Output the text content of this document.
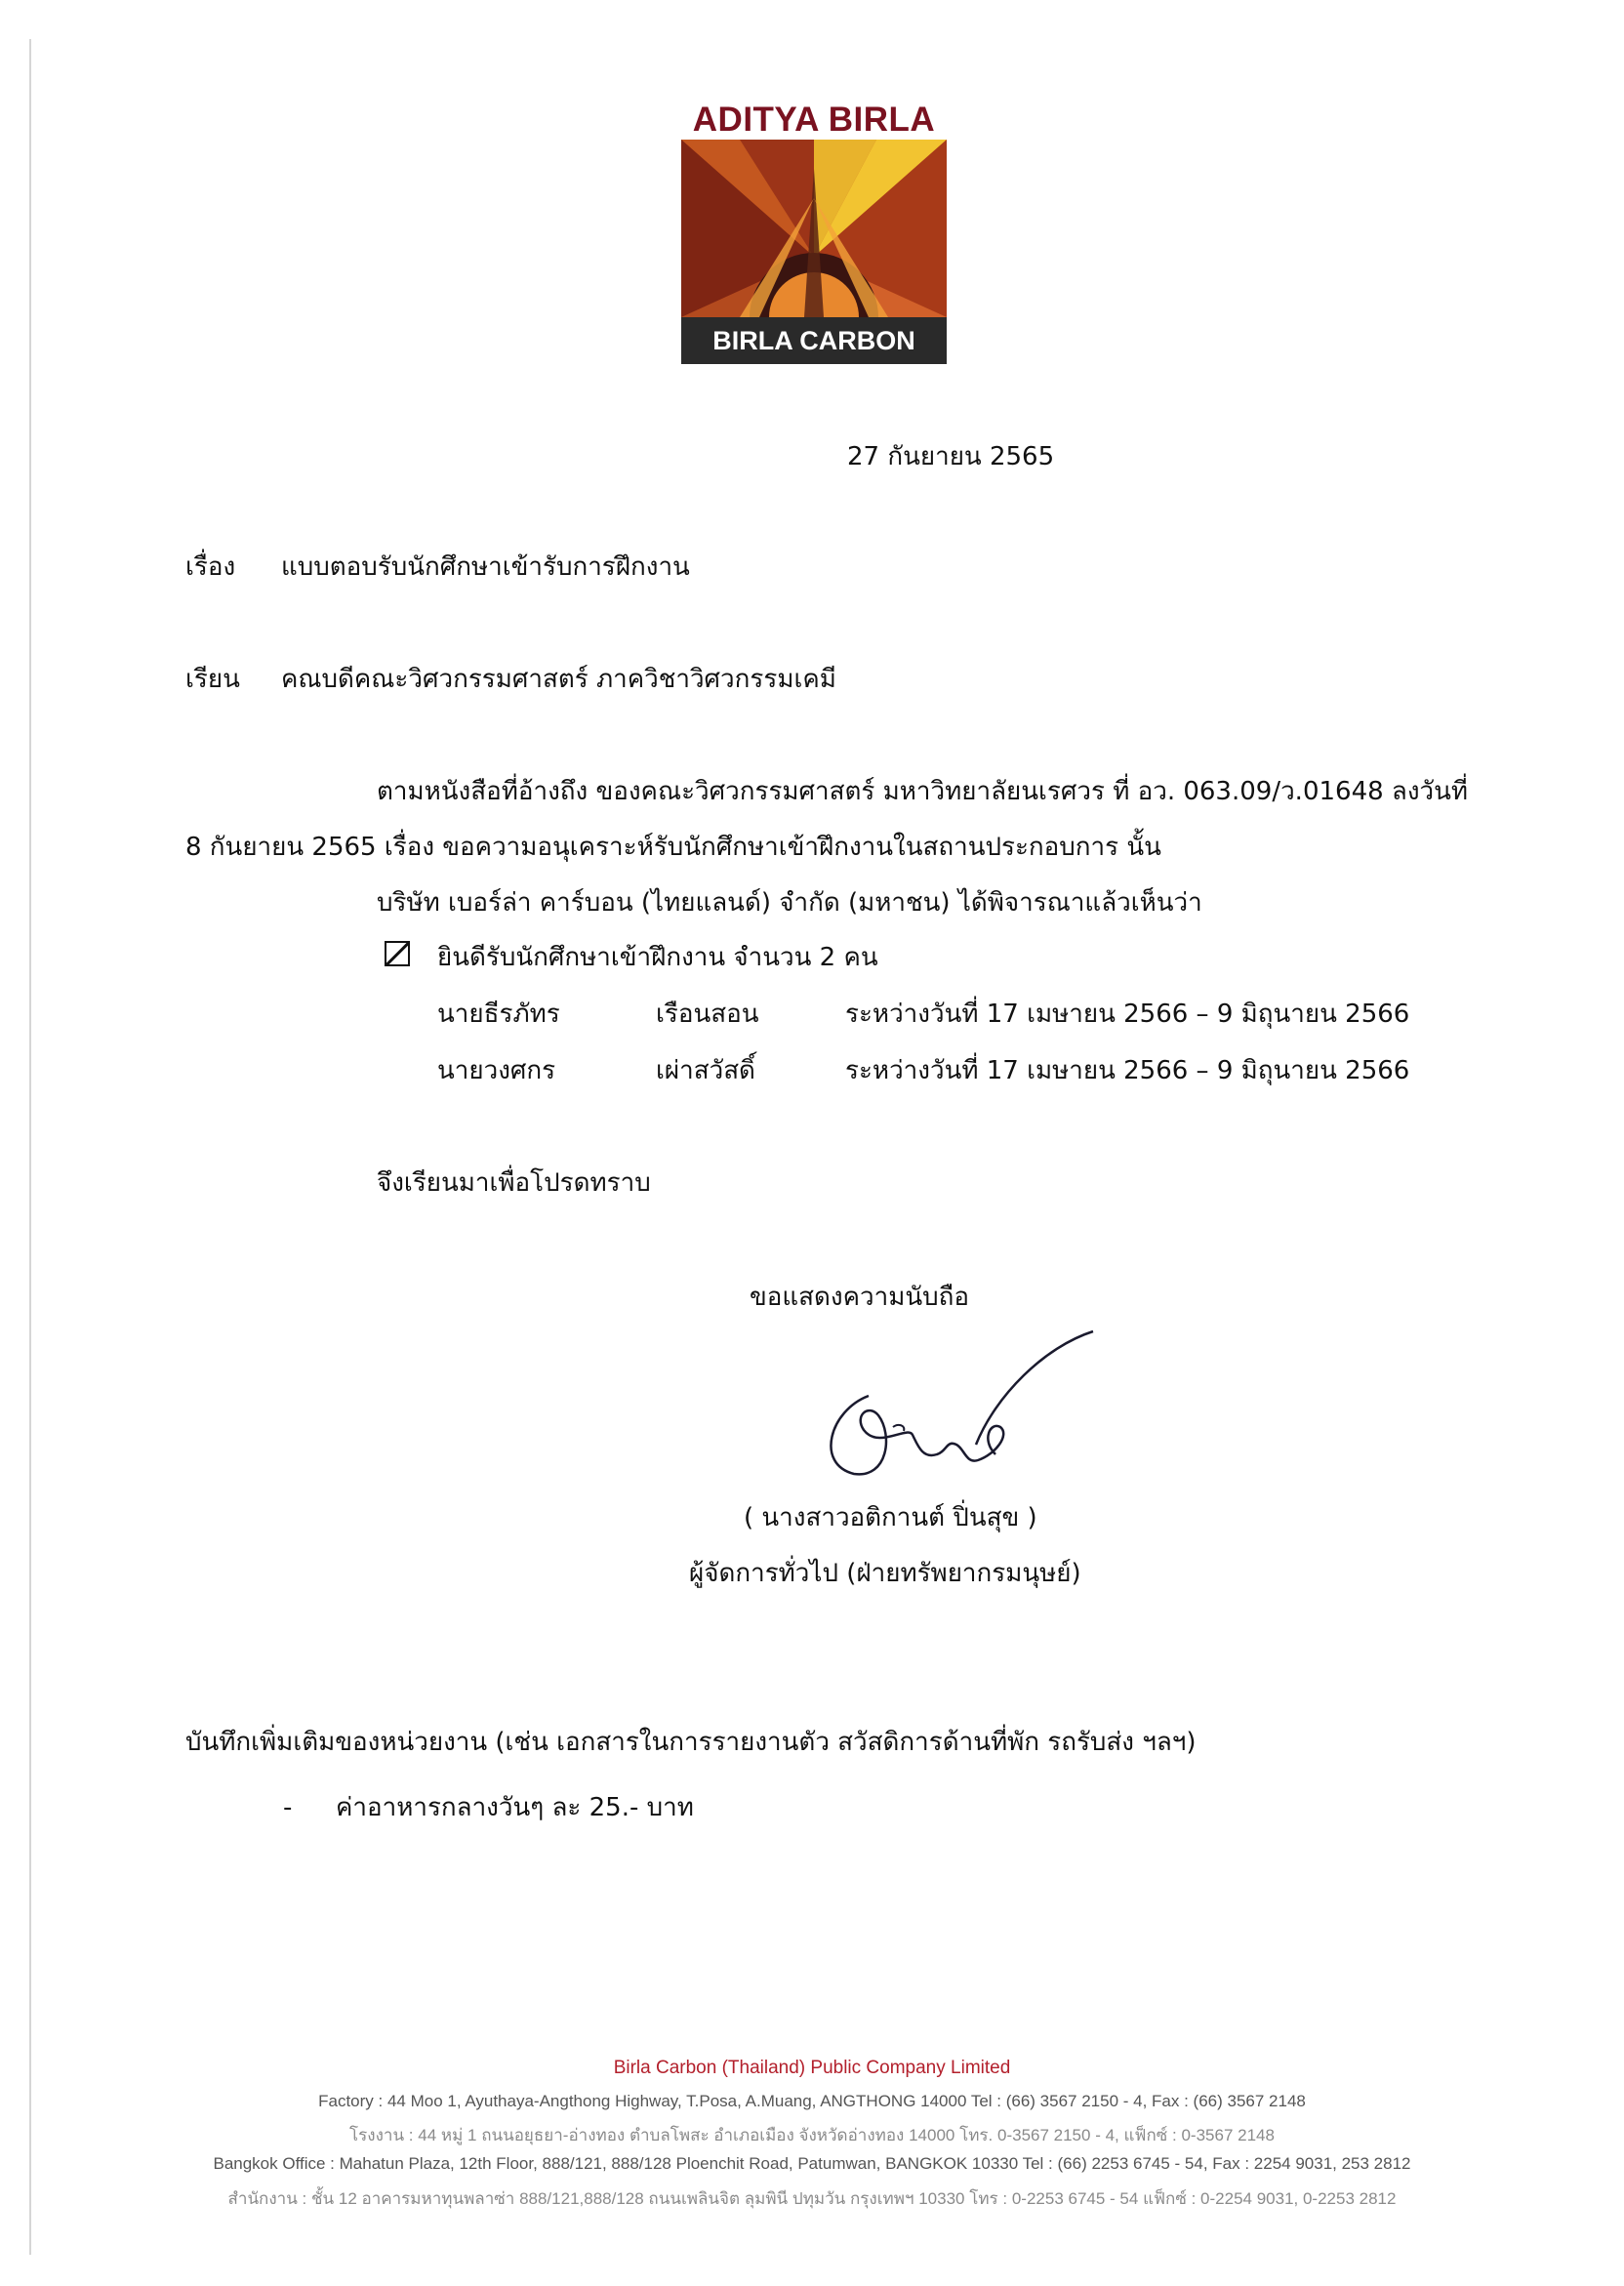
ADITYA BIRLA
BIRLA CARBON
27 กันยายน 2565
เรื่อง แบบตอบรับนักศึกษาเข้ารับการฝึกงาน
เรียน คณบดีคณะวิศวกรรมศาสตร์ ภาควิชาวิศวกรรมเคมี
ตามหนังสือที่อ้างถึง ของคณะวิศวกรรมศาสตร์ มหาวิทยาลัยนเรศวร ที่ อว. 063.09/ว.01648 ลงวันที่
8 กันยายน 2565 เรื่อง ขอความอนุเคราะห์รับนักศึกษาเข้าฝึกงานในสถานประกอบการ นั้น
บริษัท เบอร์ล่า คาร์บอน (ไทยแลนด์) จำกัด (มหาชน) ได้พิจารณาแล้วเห็นว่า
ยินดีรับนักศึกษาเข้าฝึกงาน จำนวน 2 คน
นายธีรภัทร	เรือนสอน	ระหว่างวันที่ 17 เมษายน 2566 – 9 มิถุนายน 2566
นายวงศกร	เผ่าสวัสดิ์	ระหว่างวันที่ 17 เมษายน 2566 – 9 มิถุนายน 2566
จึงเรียนมาเพื่อโปรดทราบ
ขอแสดงความนับถือ
( นางสาวอติกานต์ ปิ่นสุข )
ผู้จัดการทั่วไป (ฝ่ายทรัพยากรมนุษย์)
บันทึกเพิ่มเติมของหน่วยงาน (เช่น เอกสารในการรายงานตัว สวัสดิการด้านที่พัก รถรับส่ง ฯลฯ)
- ค่าอาหารกลางวันๆ ละ 25.- บาท
Birla Carbon (Thailand) Public Company Limited
Factory : 44 Moo 1, Ayuthaya-Angthong Highway, T.Posa, A.Muang, ANGTHONG 14000 Tel : (66) 3567 2150 - 4, Fax : (66) 3567 2148
โรงงาน : 44 หมู่ 1 ถนนอยุธยา-อ่างทอง ตำบลโพสะ อำเภอเมือง จังหวัดอ่างทอง 14000 โทร. 0-3567 2150 - 4, แฟ็กซ์ : 0-3567 2148
Bangkok Office : Mahatun Plaza, 12th Floor, 888/121, 888/128 Ploenchit Road, Patumwan, BANGKOK 10330 Tel : (66) 2253 6745 - 54, Fax : 2254 9031, 253 2812
สำนักงาน : ชั้น 12 อาคารมหาทุนพลาซ่า 888/121,888/128 ถนนเพลินจิต ลุมพินี ปทุมวัน กรุงเทพฯ 10330 โทร : 0-2253 6745 - 54 แฟ็กซ์ : 0-2254 9031, 0-2253 2812
